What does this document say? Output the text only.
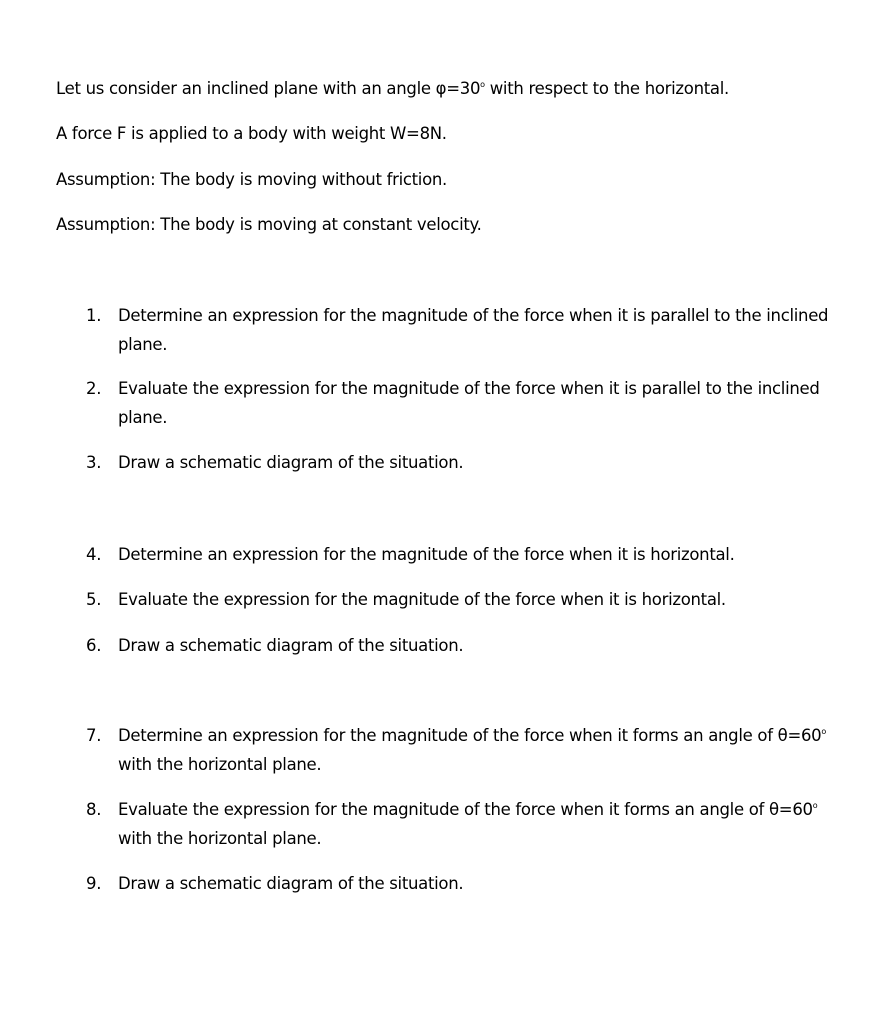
Let us consider an inclined plane with an angle $\varphi=30^o$ with respect to the horizontal.
A force F is applied to a body with weight W=8N.
Assumption: The body is moving without friction.
Assumption: The body is moving at constant velocity.
1.	Determine an expression for the magnitude of the force when it is parallel to the inclined
plane.
2.	Evaluate the expression for the magnitude of the force when it is parallel to the inclined
plane.
3.	Draw a schematic diagram of the situation.
4.	Determine an expression for the magnitude of the force when it is horizontal.
5.	Evaluate the expression for the magnitude of the force when it is horizontal.
6.	Draw a schematic diagram of the situation.
7.	Determine an expression for the magnitude of the force when it forms an angle of $\theta=60^o$
with the horizontal plane.
8.	Evaluate the expression for the magnitude of the force when it forms an angle of $\theta=60^o$
with the horizontal plane.
9.	Draw a schematic diagram of the situation.
